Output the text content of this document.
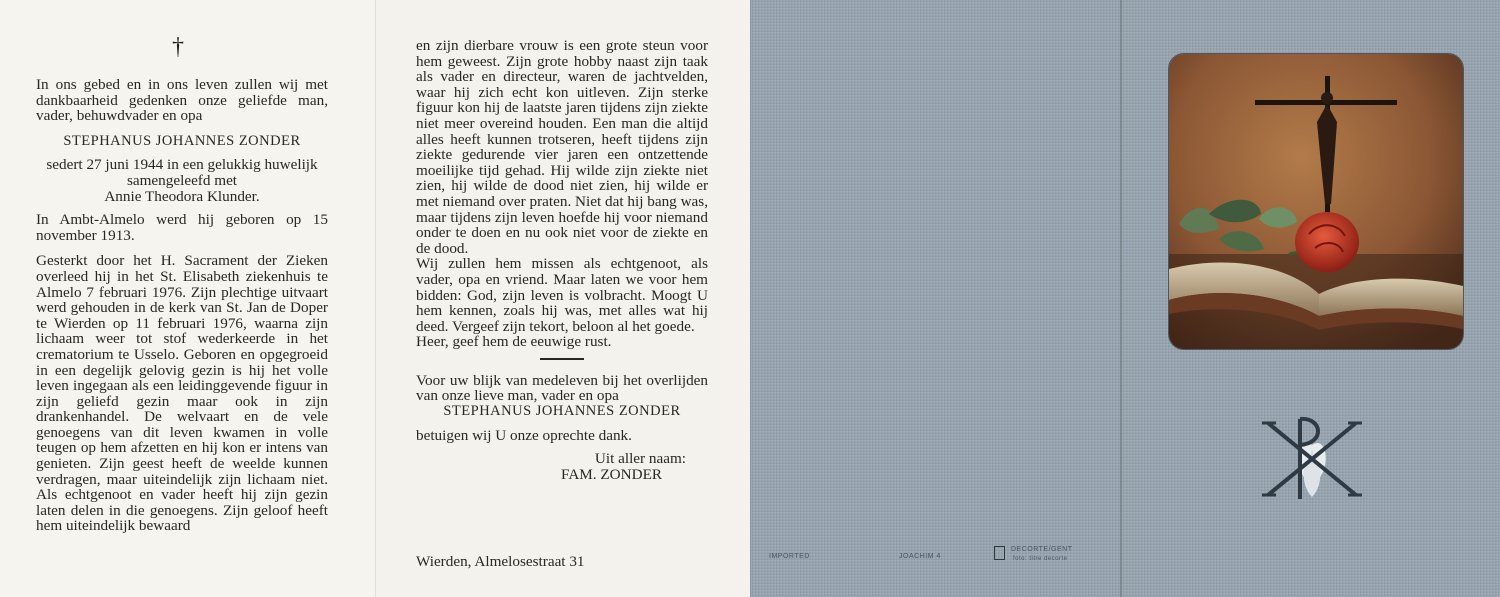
†

In ons gebed en in ons leven zullen wij met dankbaarheid gedenken onze geliefde man, vader, behuwdvader en opa

STEPHANUS JOHANNES ZONDER

sedert 27 juni 1944 in een gelukkig huwelijk samengeleefd met

Annie Theodora Klunder.

In Ambt-Almelo werd hij geboren op 15 november 1913.

Gesterkt door het H. Sacrament der Zieken overleed hij in het St. Elisabeth ziekenhuis te Almelo 7 februari 1976. Zijn plechtige uitvaart werd gehouden in de kerk van St. Jan de Doper te Wierden op 11 februari 1976, waarna zijn lichaam weer tot stof wederkeerde in het crematorium te Usselo. Geboren en opgegroeid in een degelijk gelovig gezin is hij het volle leven ingegaan als een leidinggevende figuur in zijn geliefd gezin maar ook in zijn drankenhandel. De welvaart en de vele genoegens van dit leven kwamen in volle teugen op hem afzetten en hij kon er intens van genieten. Zijn geest heeft de weelde kunnen verdragen, maar uiteindelijk zijn lichaam niet. Als echtgenoot en vader heeft hij zijn gezin laten delen in die genoegens. Zijn geloof heeft hem uiteindelijk bewaard

en zijn dierbare vrouw is een grote steun voor hem geweest. Zijn grote hobby naast zijn taak als vader en directeur, waren de jachtvelden, waar hij zich echt kon uitleven. Zijn sterke figuur kon hij de laatste jaren tijdens zijn ziekte niet meer overeind houden. Een man die altijd alles heeft kunnen trotseren, heeft tijdens zijn ziekte gedurende vier jaren een ontzettende moeilijke tijd gehad. Hij wilde zijn ziekte niet zien, hij wilde de dood niet zien, hij wilde er met niemand over praten. Niet dat hij bang was, maar tijdens zijn leven hoefde hij voor niemand onder te doen en nu ook niet voor de ziekte en de dood.

Wij zullen hem missen als echtgenoot, als vader, opa en vriend. Maar laten we voor hem bidden: God, zijn leven is volbracht. Moogt U hem kennen, zoals hij was, met alles wat hij deed. Vergeef zijn tekort, beloon al het goede.

Heer, geef hem de eeuwige rust.

Voor uw blijk van medeleven bij het overlijden van onze lieve man, vader en opa

STEPHANUS JOHANNES ZONDER

betuigen wij U onze oprechte dank.

Uit aller naam:

FAM. ZONDER

Wierden, Almelosestraat 31	IMPORTED	JOACHIM 4
DECORTE/GENT
foto: titre decorte
